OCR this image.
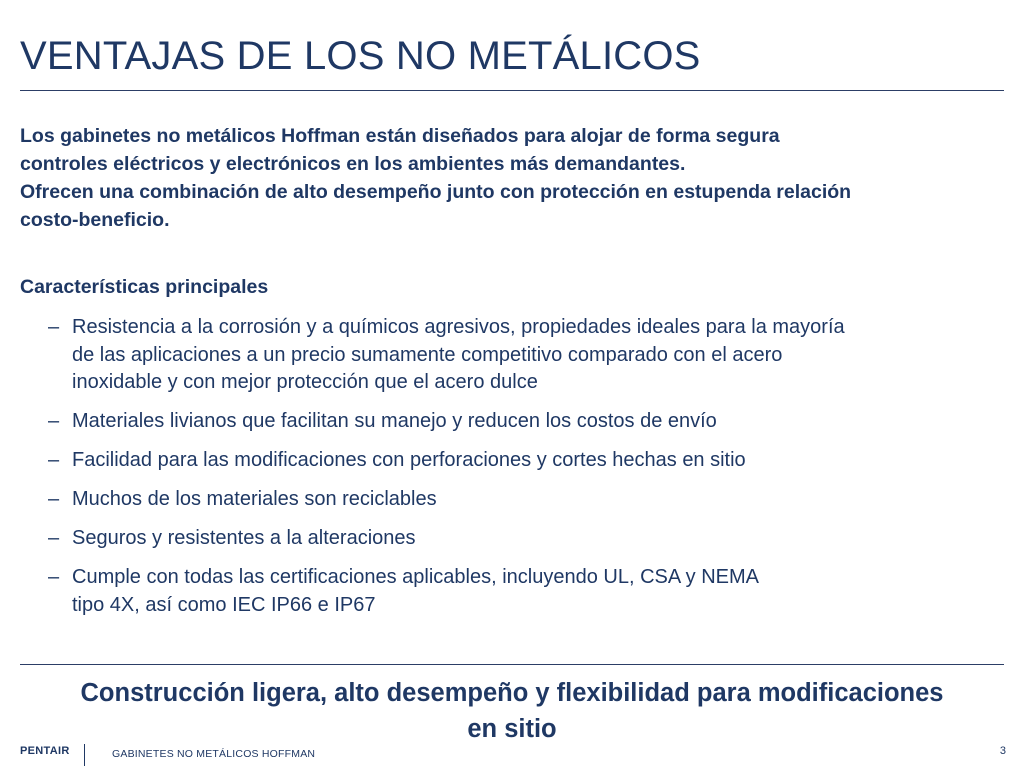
VENTAJAS DE LOS NO METÁLICOS
Los gabinetes no metálicos Hoffman están diseñados para alojar de forma segura
controles eléctricos y electrónicos en los ambientes más demandantes.
Ofrecen una combinación de alto desempeño junto con protección en estupenda relación
costo-beneficio.
Características principales
– Resistencia a la corrosión y a químicos agresivos, propiedades ideales para la mayoría
de las aplicaciones a un precio sumamente competitivo comparado con el acero
inoxidable y con mejor protección que el acero dulce
– Materiales livianos que facilitan su manejo y reducen los costos de envío
– Facilidad para las modificaciones con perforaciones y cortes hechas en sitio
– Muchos de los materiales son reciclables
– Seguros y resistentes a la alteraciones
– Cumple con todas las certificaciones aplicables, incluyendo UL, CSA y NEMA
tipo 4X, así como IEC IP66 e IP67
Construcción ligera, alto desempeño y flexibilidad para modificaciones
en sitio
PENTAIR	GABINETES NO METÁLICOS HOFFMAN	3
